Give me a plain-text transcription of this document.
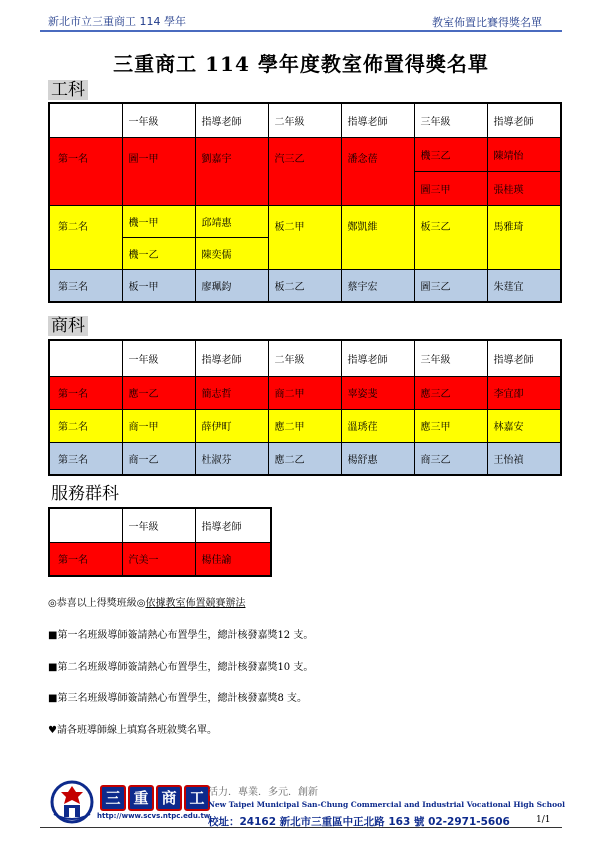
新北市立三重商工 114 學年	教室佈置比賽得獎名單
三重商工 114 學年度教室佈置得獎名單
工科
	一年級	指導老師	二年級	指導老師	三年級	指導老師
第一名	圖一甲	劉嘉宇	汽三乙	潘念蓓	機三乙	陳靖怡
					圖三甲	張桂瑛
第二名	機一甲	邱靖惠	板二甲	鄭凱維	板三乙	馬雅琦
	機一乙	陳奕儒				
第三名	板一甲	廖珮鈞	板二乙	蔡宇宏	圖三乙	朱莛宜
商科
	一年級	指導老師	二年級	指導老師	三年級	指導老師
第一名	應一乙	簡志哲	商二甲	辜姿斐	應三乙	李宜卲
第二名	商一甲	薛伊町	應二甲	溫琇荏	應三甲	林嘉安
第三名	商一乙	杜淑芬	應二乙	楊舒惠	商三乙	王怡禎
服務群科
	一年級	指導老師
第一名	汽美一	楊佳諭
◎恭喜以上得獎班級◎依據教室佈置競賽辦法
■第一名班級導師簽請熱心布置學生，總計核發嘉獎12 支。
■第二名班級導師簽請熱心布置學生，總計核發嘉獎10 支。
■第三名班級導師簽請熱心布置學生，總計核發嘉獎8 支。
♥請各班導師線上填寫各班敘獎名單。
三 重 商 工
http://www.scvs.ntpc.edu.tw
活力．專業．多元．創新
New Taipei Municipal San-Chung Commercial and Industrial Vocational High School
校址：24162 新北市三重區中正北路 163 號 02-2971-5606	1/1
